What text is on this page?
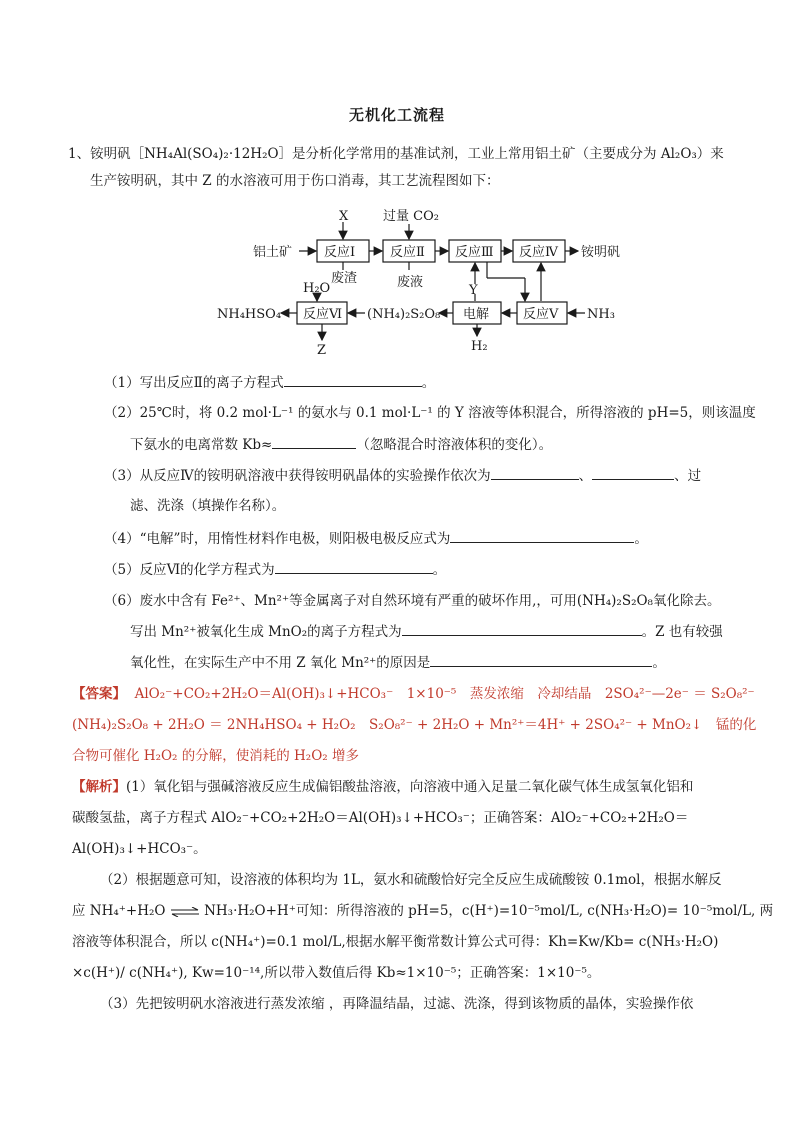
无机化工流程
1、铵明矾［NH₄Al(SO₄)₂·12H₂O］是分析化学常用的基准试剂，工业上常用铝土矿（主要成分为 Al₂O₃）来
生产铵明矾，其中 Z 的水溶液可用于伤口消毒，其工艺流程图如下：
X	过量 CO₂
铝土矿 反应Ⅰ	反应Ⅱ 反应Ⅲ 反应Ⅳ 铵明矾
废渣	废液
Y
H₂O
NH₄HSO₄ 反应Ⅵ (NH₄)₂S₂O₈ 电解	反应Ⅴ NH₃
Z	H₂
（1）写出反应Ⅱ的离子方程式	。
（2）25℃时，将 0.2 mol·L⁻¹ 的氨水与 0.1 mol·L⁻¹ 的 Y 溶液等体积混合，所得溶液的 pH=5，则该温度
下氨水的电离常数 Kb≈	（忽略混合时溶液体积的变化）。
（3）从反应Ⅳ的铵明矾溶液中获得铵明矾晶体的实验操作依次为	、	、过
滤、洗涤（填操作名称）。
（4）“电解”时，用惰性材料作电极，则阳极电极反应式为	。
（5）反应Ⅵ的化学方程式为	。
（6）废水中含有 Fe²⁺、Mn²⁺等金属离子对自然环境有严重的破坏作用,，可用(NH₄)₂S₂O₈氧化除去。
写出 Mn²⁺被氧化生成 MnO₂的离子方程式为	。Z 也有较强
氧化性，在实际生产中不用 Z 氧化 Mn²⁺的原因是	。
【答案】 AlO₂⁻+CO₂+2H₂O＝Al(OH)₃↓+HCO₃⁻　1×10⁻⁵　蒸发浓缩　冷却结晶　2SO₄²⁻—2e⁻ ＝ S₂O₈²⁻
(NH₄)₂S₂O₈ + 2H₂O ＝ 2NH₄HSO₄ + H₂O₂　S₂O₈²⁻ + 2H₂O + Mn²⁺＝4H⁺ + 2SO₄²⁻ + MnO₂↓　锰的化
合物可催化 H₂O₂ 的分解，使消耗的 H₂O₂ 增多
【解析】(1）氧化铝与强碱溶液反应生成偏铝酸盐溶液，向溶液中通入足量二氧化碳气体生成氢氧化铝和
碳酸氢盐，离子方程式 AlO₂⁻+CO₂+2H₂O＝Al(OH)₃↓+HCO₃⁻；正确答案：AlO₂⁻+CO₂+2H₂O＝
Al(OH)₃↓+HCO₃⁻。
（2）根据题意可知，设溶液的体积均为 1L，氨水和硫酸恰好完全反应生成硫酸铵 0.1mol，根据水解反
应 NH₄⁺+H₂O ⇌ NH₃·H₂O+H⁺可知：所得溶液的 pH=5，c(H⁺)=10⁻⁵mol/L, c(NH₃·H₂O)= 10⁻⁵mol/L, 两
溶液等体积混合，所以 c(NH₄⁺)=0.1 mol/L,根据水解平衡常数计算公式可得：Kh=Kw/Kb= c(NH₃·H₂O)
×c(H⁺)/ c(NH₄⁺), Kw=10⁻¹⁴,所以带入数值后得 Kb≈1×10⁻⁵；正确答案：1×10⁻⁵。
（3）先把铵明矾水溶液进行蒸发浓缩 ，再降温结晶，过滤、洗涤，得到该物质的晶体，实验操作依
